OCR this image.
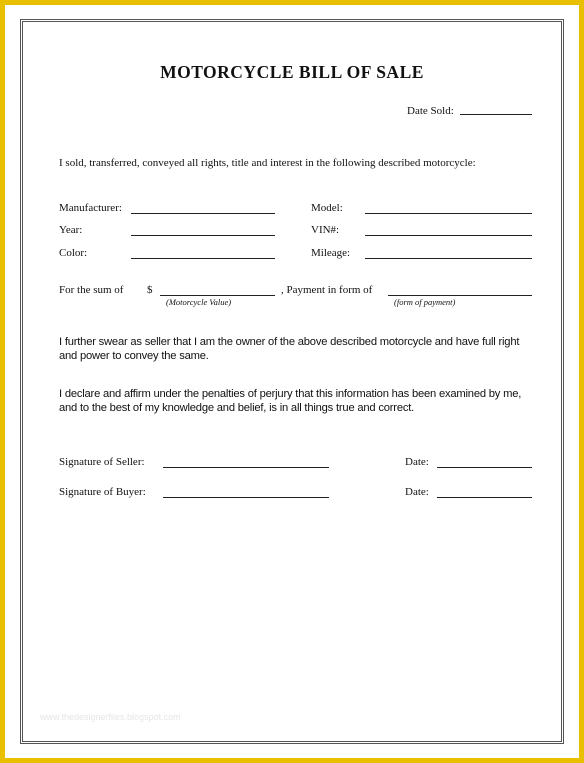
MOTORCYCLE BILL OF SALE
Date Sold:
I sold, transferred, conveyed all rights, title and interest in the following described motorcycle:
Manufacturer:	Model:
Year:	VIN#:
Color:	Mileage:
For the sum of $
(Motorcycle Value)
, Payment in form of
(form of payment)
I further swear as seller that I am the owner of the above described motorcycle and have full right and power to convey the same.
I declare and affirm under the penalties of perjury that this information has been examined by me, and to the best of my knowledge and belief, is in all things true and correct.
Signature of Seller:	Date:
Signature of Buyer:	Date:
www.thedesignerfiles.blogspot.com
